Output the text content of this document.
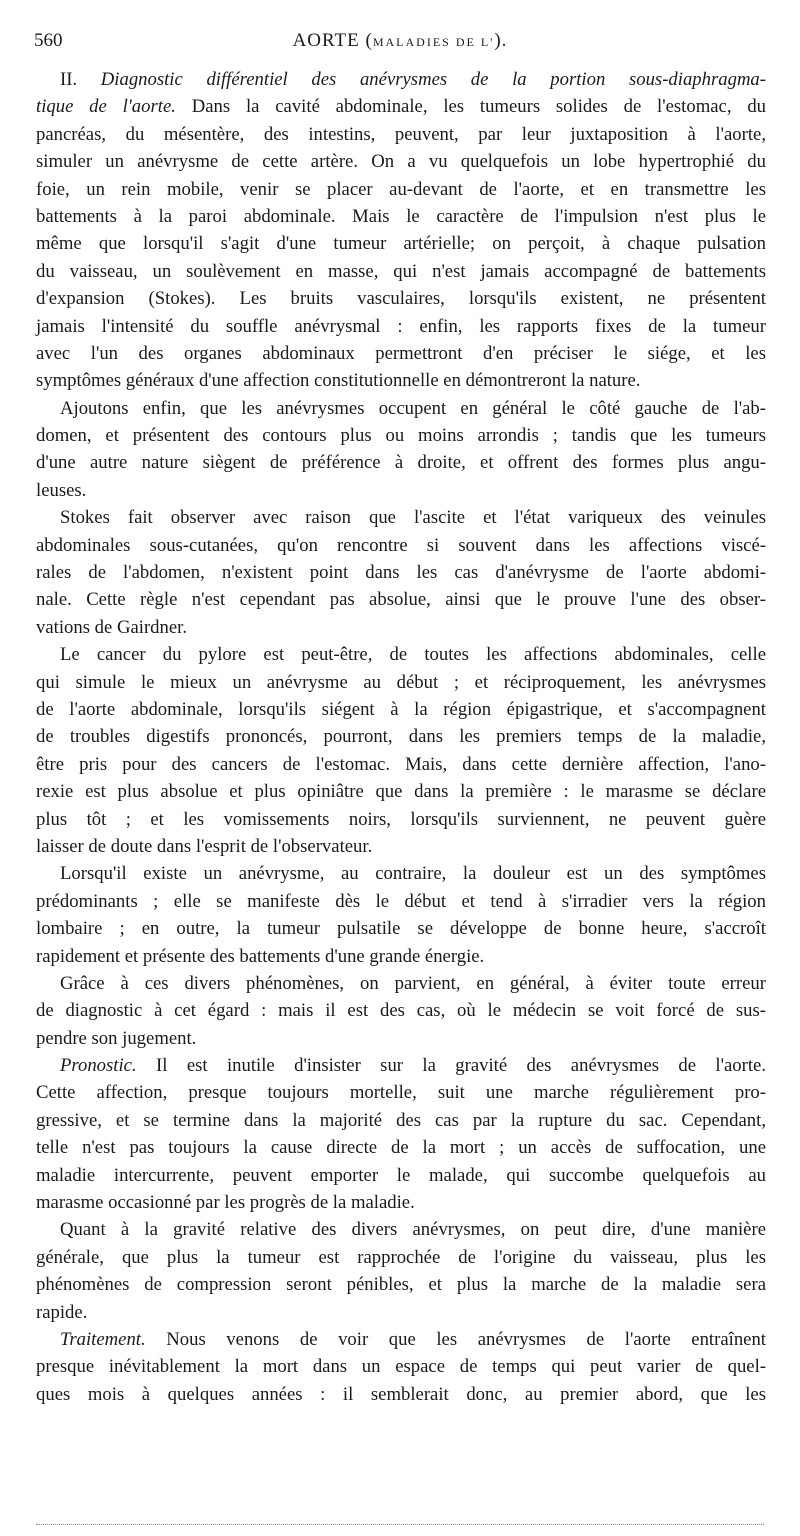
560	AORTE (MALADIES DE L').
II. Diagnostic différentiel des anévrysmes de la portion sous-diaphragma-
tique de l'aorte. Dans la cavité abdominale, les tumeurs solides de l'estomac, du
pancréas, du mésentère, des intestins, peuvent, par leur juxtaposition à l'aorte,
simuler un anévrysme de cette artère. On a vu quelquefois un lobe hypertrophié du
foie, un rein mobile, venir se placer au-devant de l'aorte, et en transmettre les
battements à la paroi abdominale. Mais le caractère de l'impulsion n'est plus le
même que lorsqu'il s'agit d'une tumeur artérielle; on perçoit, à chaque pulsation
du vaisseau, un soulèvement en masse, qui n'est jamais accompagné de battements
d'expansion (Stokes). Les bruits vasculaires, lorsqu'ils existent, ne présentent
jamais l'intensité du souffle anévrysmal : enfin, les rapports fixes de la tumeur
avec l'un des organes abdominaux permettront d'en préciser le siége, et les
symptômes généraux d'une affection constitutionnelle en démontreront la nature.
Ajoutons enfin, que les anévrysmes occupent en général le côté gauche de l'ab-
domen, et présentent des contours plus ou moins arrondis ; tandis que les tumeurs
d'une autre nature siègent de préférence à droite, et offrent des formes plus angu-
leuses.
Stokes fait observer avec raison que l'ascite et l'état variqueux des veinules
abdominales sous-cutanées, qu'on rencontre si souvent dans les affections viscé-
rales de l'abdomen, n'existent point dans les cas d'anévrysme de l'aorte abdomi-
nale. Cette règle n'est cependant pas absolue, ainsi que le prouve l'une des obser-
vations de Gairdner.
Le cancer du pylore est peut-être, de toutes les affections abdominales, celle
qui simule le mieux un anévrysme au début ; et réciproquement, les anévrysmes
de l'aorte abdominale, lorsqu'ils siégent à la région épigastrique, et s'accompagnent
de troubles digestifs prononcés, pourront, dans les premiers temps de la maladie,
être pris pour des cancers de l'estomac. Mais, dans cette dernière affection, l'ano-
rexie est plus absolue et plus opiniâtre que dans la première : le marasme se déclare
plus tôt ; et les vomissements noirs, lorsqu'ils surviennent, ne peuvent guère
laisser de doute dans l'esprit de l'observateur.
Lorsqu'il existe un anévrysme, au contraire, la douleur est un des symptômes
prédominants ; elle se manifeste dès le début et tend à s'irradier vers la région
lombaire ; en outre, la tumeur pulsatile se développe de bonne heure, s'accroît
rapidement et présente des battements d'une grande énergie.
Grâce à ces divers phénomènes, on parvient, en général, à éviter toute erreur
de diagnostic à cet égard : mais il est des cas, où le médecin se voit forcé de sus-
pendre son jugement.
Pronostic. Il est inutile d'insister sur la gravité des anévrysmes de l'aorte.
Cette affection, presque toujours mortelle, suit une marche régulièrement pro-
gressive, et se termine dans la majorité des cas par la rupture du sac. Cependant,
telle n'est pas toujours la cause directe de la mort ; un accès de suffocation, une
maladie intercurrente, peuvent emporter le malade, qui succombe quelquefois au
marasme occasionné par les progrès de la maladie.
Quant à la gravité relative des divers anévrysmes, on peut dire, d'une manière
générale, que plus la tumeur est rapprochée de l'origine du vaisseau, plus les
phénomènes de compression seront pénibles, et plus la marche de la maladie sera
rapide.
Traitement. Nous venons de voir que les anévrysmes de l'aorte entraînent
presque inévitablement la mort dans un espace de temps qui peut varier de quel-
ques mois à quelques années : il semblerait donc, au premier abord, que les
